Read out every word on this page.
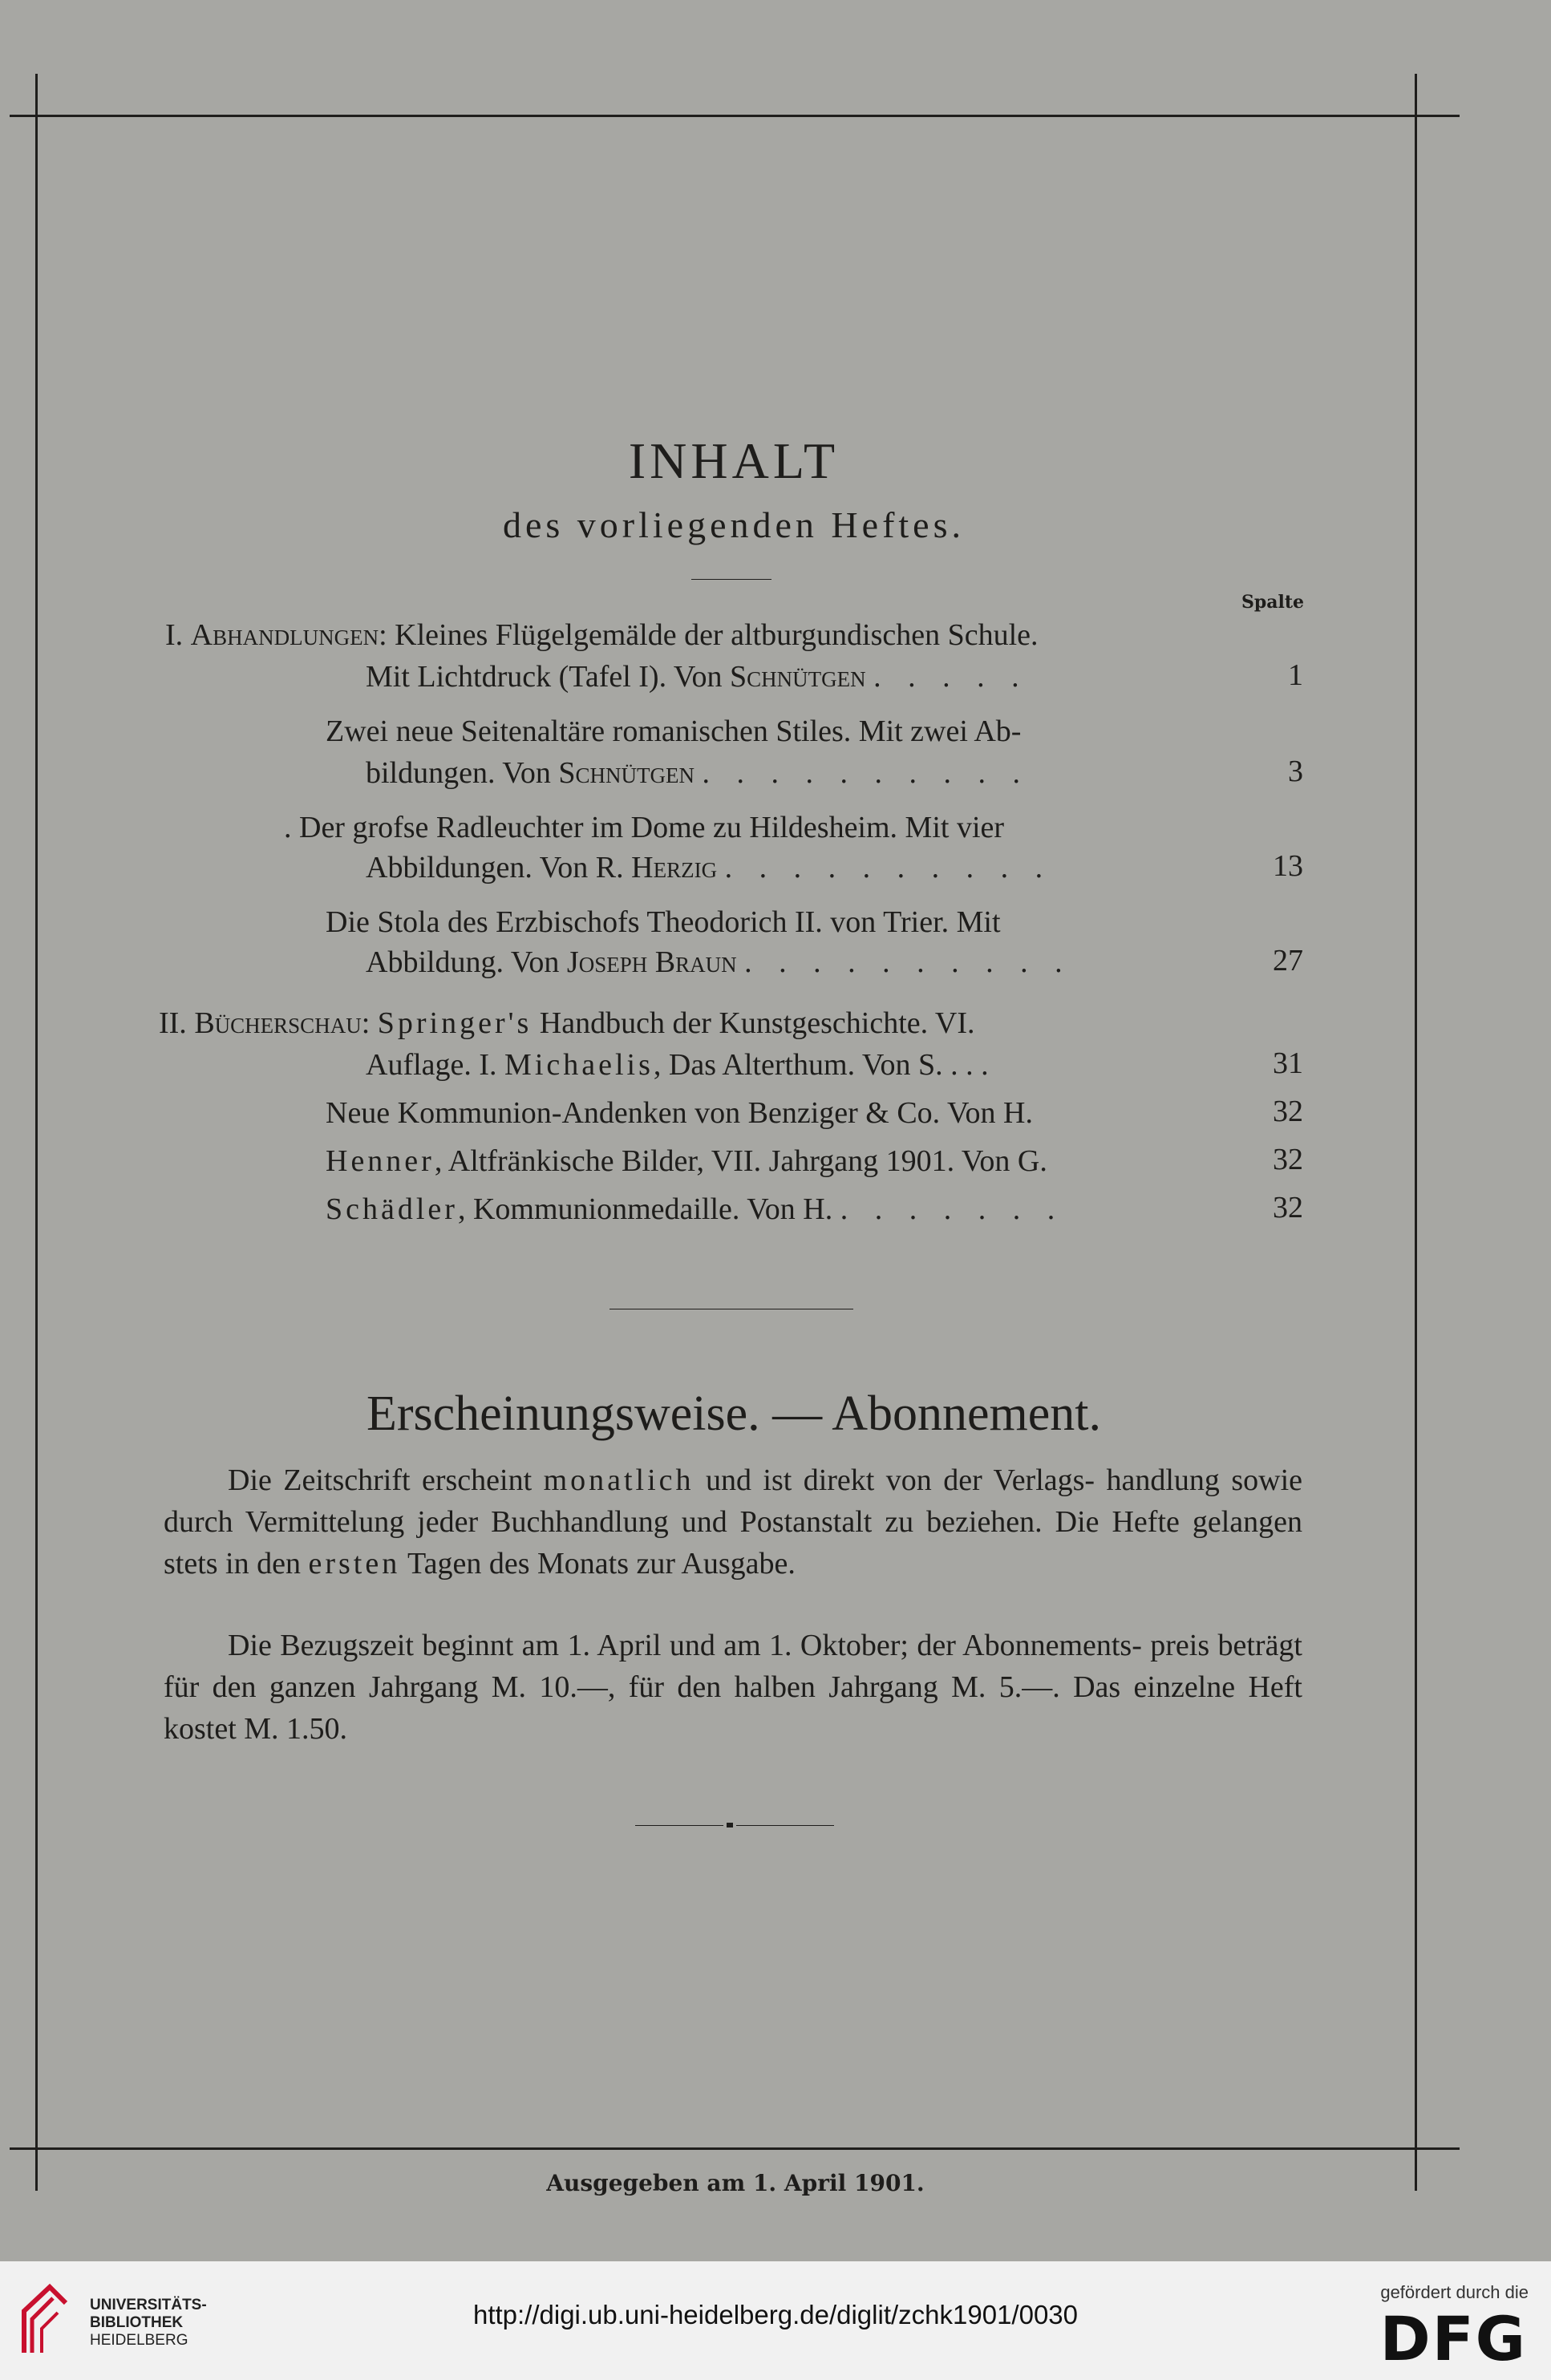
INHALT
des vorliegenden Heftes.
Spalte
I. Abhandlungen: Kleines Flügelgemälde der altburgundischen Schule.
Mit Lichtdruck (Tafel I). Von Schnütgen . . . . .	1
Zwei neue Seitenaltäre romanischen Stiles. Mit zwei Ab-
bildungen. Von Schnütgen . . . . . . . . . .	3
. Der grofse Radleuchter im Dome zu Hildesheim. Mit vier
Abbildungen. Von R. Herzig . . . . . . . . . .	13
Die Stola des Erzbischofs Theodorich II. von Trier. Mit
Abbildung. Von Joseph Braun . . . . . . . . . .	27
II. Bücherschau: Springer's Handbuch der Kunstgeschichte. VI.
Auflage. I. Michaelis, Das Alterthum. Von S. . . .	31
Neue Kommunion-Andenken von Benziger & Co. Von H.	32
Henner, Altfränkische Bilder, VII. Jahrgang 1901. Von G.	32
Schädler, Kommunionmedaille. Von H. . . . . . . .	32
Erscheinungsweise. — Abonnement.
Die Zeitschrift erscheint monatlich und ist direkt von der Verlags- handlung sowie durch Vermittelung jeder Buchhandlung und Postanstalt zu beziehen. Die Hefte gelangen stets in den ersten Tagen des Monats zur Ausgabe.
Die Bezugszeit beginnt am 1. April und am 1. Oktober; der Abonnements- preis beträgt für den ganzen Jahrgang M. 10.—, für den halben Jahrgang M. 5.—. Das einzelne Heft kostet M. 1.50.
Ausgegeben am 1. April 1901.
UNIVERSITÄTS-
BIBLIOTHEK
HEIDELBERG
http://digi.ub.uni-heidelberg.de/diglit/zchk1901/0030
gefördert durch die
DFG
